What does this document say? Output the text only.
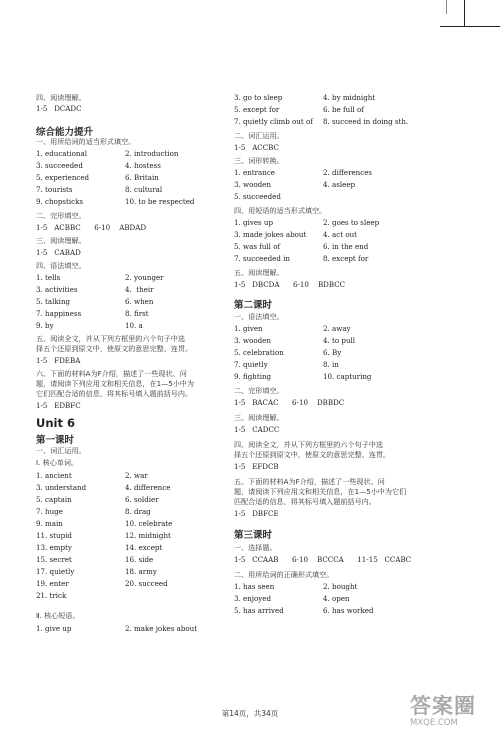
四、阅读理解。
1-5   DCADC
综合能力提升
一、用所给词的适当形式填空。
1. educational	2. introduction
3. succeeded	4. hostess
5. experienced	6. Britain
7. tourists	8. cultural
9. chopsticks	10. to be respected
二、完形填空。
1-5   ACBBC      6-10    ABDAD
三、阅读理解。
1-5   CABAD
四、语法填空。
1. tells	2. younger
3. activities	4.  their
5. talking	6. when
7. happiness	8. first
9. by	10. a
五、阅读全文，并从下列方框里的六个句子中选
择五个还原到原文中，使原文的意思完整、连贯。
1-5   FDEBA
六、下面的材料A为F介绍，描述了一些现状、问
题，请阅读下列应用文和相关信息，在1—5小中为
它们匹配合适的信息，将其标号填入题前括号内。
1-5   EDBFC
Unit 6
第一课时
一、词汇运用。
Ⅰ. 核心单词。
1. ancient	2. war
3. understand	4. difference
5. captain	6. soldier
7. huge	8. drag
9. main	10. celebrate
11. stupid	12. midnight
13. empty	14. except
15. secret	16. side
17. quietly	18. army
19. enter	20. succeed
21. trick
Ⅱ. 核心短语。
1. give up	2. make jokes about
3. go to sleep	4. by midnight
5. except for	6. be full of
7. quietly climb out of 8. succeed in doing sth.
二、词汇运用。
1-5   ACCBC
三、词形转换。
1. entrance	2. differences
3. wooden	4. asleep
5. succeeded
四、用短语的适当形式填空。
1. gives up	2. goes to sleep
3. made jokes about 4. act out
5. was full of	6. in the end
7. succeeded in	8. except for
五、阅读理解。
1-5   DBCDA      6-10    BDBCC
第二课时
一、语法填空。
1. given	2. away
3. wooden	4. to pull
5. celebration	6. By
7. quietly	8. in
9. fighting	10. capturing
二、完形填空。
1-5   BACAC      6-10    DBBDC
三、阅读理解。
1-5   CADCC
四、阅读全文，并从下列方框里的六个句子中选
择五个还原到原文中，使原文的意思完整、连贯。
1-5   EFDCB
五、下面的材料A为F介绍，描述了一些现状、问
题，请阅读下列应用文和相关信息，在1—5小中为它们
匹配合适的信息，将其标号填入题前括号内。
1-5   DBFCE
第三课时
一、选择题。
1-5   CCAAB      6-10    BCCCA      11-15   CCABC
二、用所给词的正确形式填空。
1. has seen	2. bought
3. enjoyed	4. open
5. has arrived	6. has worked
第14页，共34页	答案圈
MXQE.COM
